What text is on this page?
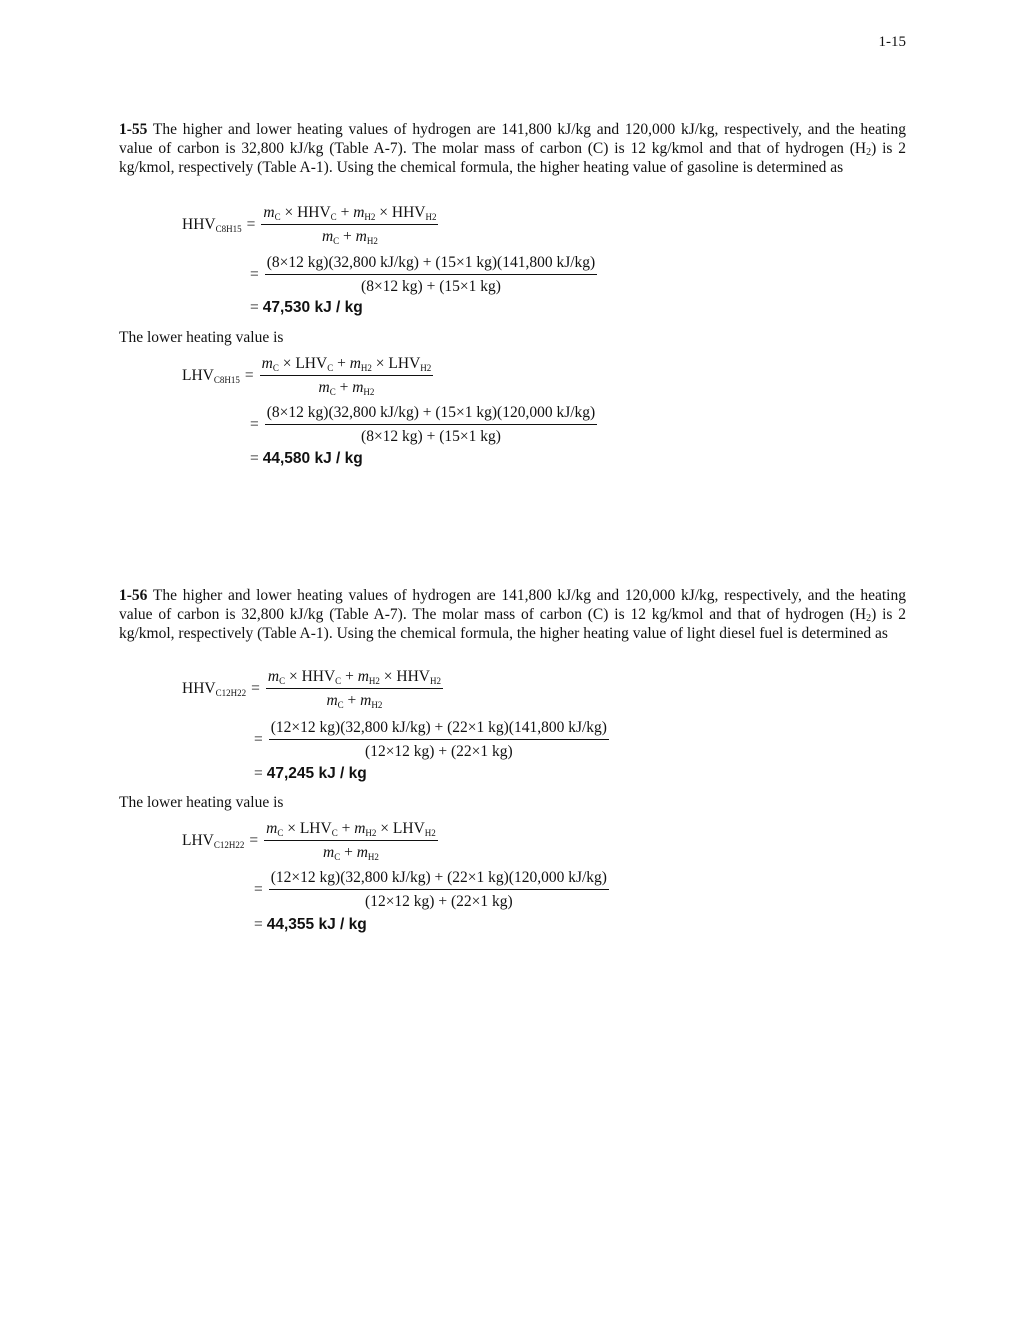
1-15
1-55 The higher and lower heating values of hydrogen are 141,800 kJ/kg and 120,000 kJ/kg, respectively, and the heating value of carbon is 32,800 kJ/kg (Table A-7). The molar mass of carbon (C) is 12 kg/kmol and that of hydrogen $(H_2)$ is 2 kg/kmol, respectively (Table A-1). Using the chemical formula, the higher heating value of gasoline is determined as
$HHV_{C8H15} = \frac{m_C \times HHV_C + m_{H2} \times HHV_{H2}}{m_C + m_{H2}}$
= $\frac{(8\times 12 kg)(32,800 kJ/kg) + (15\times 1 kg)(141,800 kJ/kg)}{(8\times 12 kg) + (15\times 1 kg)}$
= 47,530 kJ / kg
The lower heating value is
$LHV_{C8H15} = \frac{m_C \times LHV_C + m_{H2} \times LHV_{H2}}{m_C + m_{H2}}$
= $\frac{(8\times 12 kg)(32,800 kJ/kg) + (15\times 1 kg)(120,000 kJ/kg)}{(8\times 12 kg) + (15\times 1 kg)}$
= 44,580 kJ / kg
1-56 The higher and lower heating values of hydrogen are 141,800 kJ/kg and 120,000 kJ/kg, respectively, and the heating value of carbon is 32,800 kJ/kg (Table A-7). The molar mass of carbon (C) is 12 kg/kmol and that of hydrogen $(H_2)$ is 2 kg/kmol, respectively (Table A-1). Using the chemical formula, the higher heating value of light diesel fuel is determined as
$HHV_{C12H22} = \frac{m_C \times HHV_C + m_{H2} \times HHV_{H2}}{m_C + m_{H2}}$
= $\frac{(12\times 12 kg)(32,800 kJ/kg) + (22\times 1 kg)(141,800 kJ/kg)}{(12\times 12 kg) + (22\times 1 kg)}$
= 47,245 kJ / kg
The lower heating value is
$LHV_{C12H22} = \frac{m_C \times LHV_C + m_{H2} \times LHV_{H2}}{m_C + m_{H2}}$
= $\frac{(12\times 12 kg)(32,800 kJ/kg) + (22\times 1 kg)(120,000 kJ/kg)}{(12\times 12 kg) + (22\times 1 kg)}$
= 44,355 kJ / kg
